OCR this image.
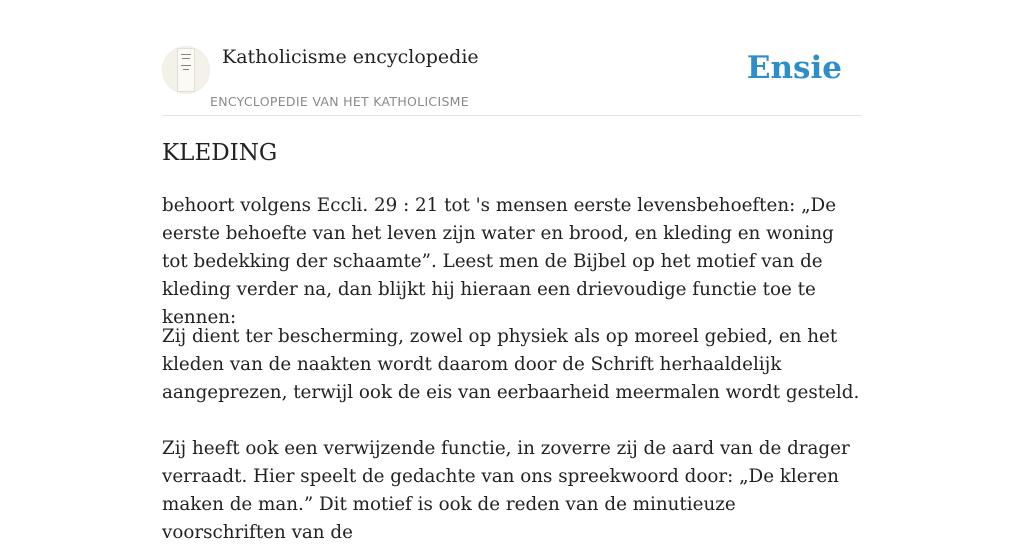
Katholicisme encyclopedie
ENCYCLOPEDIE VAN HET KATHOLICISME
Ensie
KLEDING

behoort volgens Eccli. 29 : 21 tot 's mensen eerste levensbehoeften: „De eerste behoefte van het leven zijn water en brood, en kleding en woning tot bedekking der schaamte”. Leest men de Bijbel op het motief van de kleding verder na, dan blijkt hij hieraan een drievoudige functie toe te kennen:

Zij dient ter bescherming, zowel op physiek als op moreel gebied, en het kleden van de naakten wordt daarom door de Schrift herhaaldelijk aangeprezen, terwijl ook de eis van eerbaarheid meermalen wordt gesteld.

Zij heeft ook een verwijzende functie, in zoverre zij de aard van de drager verraadt. Hier speelt de gedachte van ons spreekwoord door: „De kleren maken de man.” Dit motief is ook de reden van de minutieuze voorschriften van de
